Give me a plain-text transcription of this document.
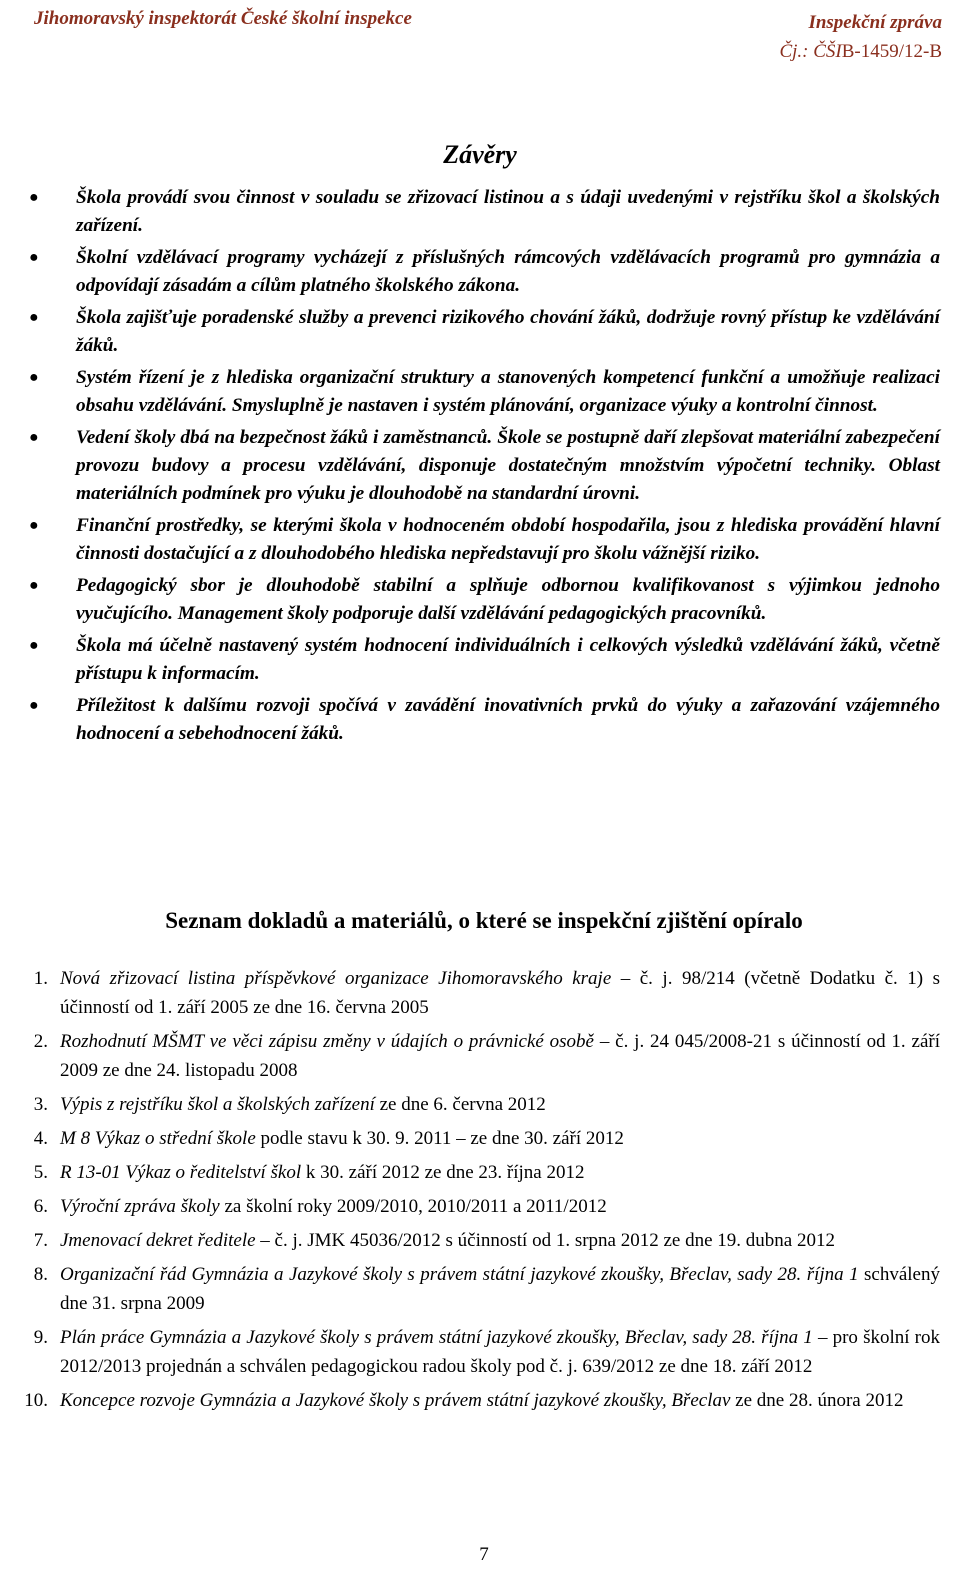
Jihomoravský inspektorát České školní inspekce	Inspekční zpráva
Čj.: ČŠIB-1459/12-B
Závěry
● Škola provádí svou činnost v souladu se zřizovací listinou a s údaji uvedenými v rejstříku škol a školských zařízení.
● Školní vzdělávací programy vycházejí z příslušných rámcových vzdělávacích programů pro gymnázia a odpovídají zásadám a cílům platného školského zákona.
● Škola zajišťuje poradenské služby a prevenci rizikového chování žáků, dodržuje rovný přístup ke vzdělávání žáků.
● Systém řízení je z hlediska organizační struktury a stanovených kompetencí funkční a umožňuje realizaci obsahu vzdělávání. Smysluplně je nastaven i systém plánování, organizace výuky a kontrolní činnost.
● Vedení školy dbá na bezpečnost žáků i zaměstnanců. Škole se postupně daří zlepšovat materiální zabezpečení provozu budovy a procesu vzdělávání, disponuje dostatečným množstvím výpočetní techniky. Oblast materiálních podmínek pro výuku je dlouhodobě na standardní úrovni.
● Finanční prostředky, se kterými škola v hodnoceném období hospodařila, jsou z hlediska provádění hlavní činnosti dostačující a z dlouhodobého hlediska nepředstavují pro školu vážnější riziko.
● Pedagogický sbor je dlouhodobě stabilní a splňuje odbornou kvalifikovanost s výjimkou jednoho vyučujícího. Management školy podporuje další vzdělávání pedagogických pracovníků.
● Škola má účelně nastavený systém hodnocení individuálních i celkových výsledků vzdělávání žáků, včetně přístupu k informacím.
● Příležitost k dalšímu rozvoji spočívá v zavádění inovativních prvků do výuky a zařazování vzájemného hodnocení a sebehodnocení žáků.
Seznam dokladů a materiálů, o které se inspekční zjištění opíralo
1. Nová zřizovací listina příspěvkové organizace Jihomoravského kraje – č. j. 98/214 (včetně Dodatku č. 1) s účinností od 1. září 2005 ze dne 16. června 2005
2. Rozhodnutí MŠMT ve věci zápisu změny v údajích o právnické osobě – č. j. 24 045/2008-21 s účinností od 1. září 2009 ze dne 24. listopadu 2008
3. Výpis z rejstříku škol a školských zařízení ze dne 6. června 2012
4. M 8 Výkaz o střední škole podle stavu k 30. 9. 2011 – ze dne 30. září 2012
5. R 13-01 Výkaz o ředitelství škol k 30. září 2012 ze dne 23. října 2012
6. Výroční zpráva školy za školní roky 2009/2010, 2010/2011 a 2011/2012
7. Jmenovací dekret ředitele – č. j. JMK 45036/2012 s účinností od 1. srpna 2012 ze dne 19. dubna 2012
8. Organizační řád Gymnázia a Jazykové školy s právem státní jazykové zkoušky, Břeclav, sady 28. října 1 schválený dne 31. srpna 2009
9. Plán práce Gymnázia a Jazykové školy s právem státní jazykové zkoušky, Břeclav, sady 28. října 1 – pro školní rok 2012/2013 projednán a schválen pedagogickou radou školy pod č. j. 639/2012 ze dne 18. září 2012
10. Koncepce rozvoje Gymnázia a Jazykové školy s právem státní jazykové zkoušky, Břeclav ze dne 28. února 2012
7
